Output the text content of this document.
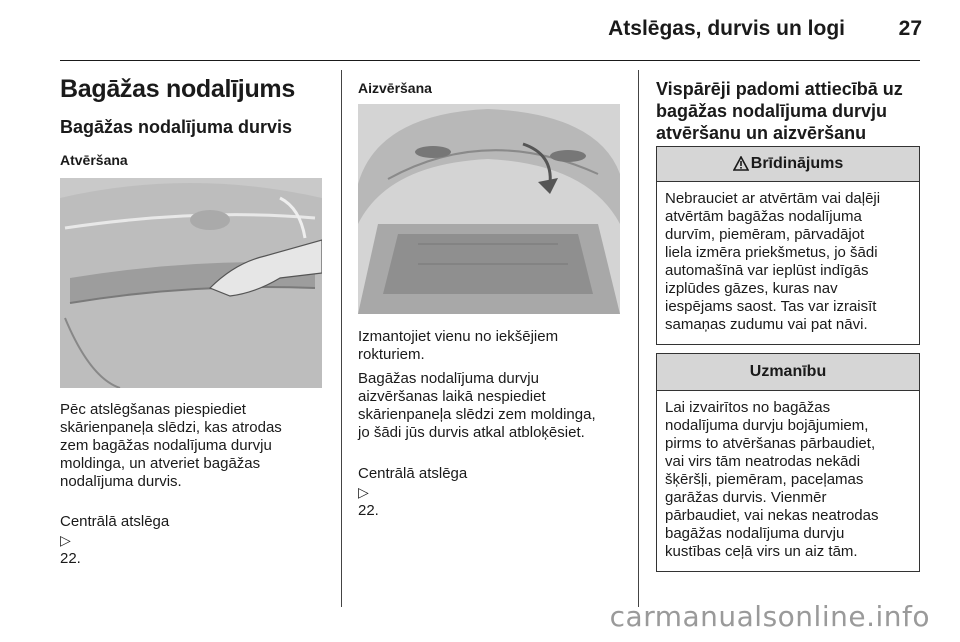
Atslēgas, durvis un logi	27
Bagāžas nodalījums
Bagāžas nodalījuma durvis
Atvēršana
Pēc atslēgšanas piespiediet
skārienpaneļa slēdzi, kas atrodas
zem bagāžas nodalījuma durvju
moldinga, un atveriet bagāžas
nodalījuma durvis.

Centrālā atslēga
▷
22.

Aizvēršana
Izmantojiet vienu no iekšējiem
rokturiem.
Bagāžas nodalījuma durvju
aizvēršanas laikā nespiediet
skārienpaneļa slēdzi zem moldinga,
jo šādi jūs durvis atkal atbloķēsiet.

Centrālā atslēga
▷
22.

Vispārēji padomi attiecībā uz
bagāžas nodalījuma durvju
atvēršanu un aizvēršanu
Brīdinājums
Nebrauciet ar atvērtām vai daļēji
atvērtām bagāžas nodalījuma
durvīm, piemēram, pārvadājot
liela izmēra priekšmetus, jo šādi
automašīnā var ieplūst indīgās
izplūdes gāzes, kuras nav
iespējams saost. Tas var izraisīt
samaņas zudumu vai pat nāvi.
Uzmanību
Lai izvairītos no bagāžas
nodalījuma durvju bojājumiem,
pirms to atvēršanas pārbaudiet,
vai virs tām neatrodas nekādi
šķēršļi, piemēram, paceļamas
garāžas durvis. Vienmēr
pārbaudiet, vai nekas neatrodas
bagāžas nodalījuma durvju
kustības ceļā virs un aiz tām.
carmanualsonline.info
